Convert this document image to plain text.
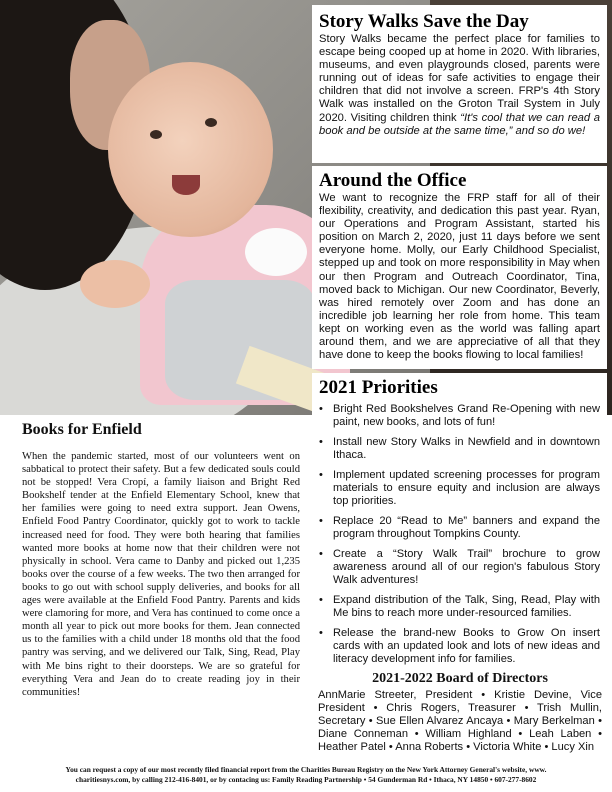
Story Walks Save the Day

Story Walks became the perfect place for families to escape being cooped up at home in 2020. With libraries, museums, and even playgrounds closed, parents were running out of ideas for safe activities to engage their children that did not involve a screen. FRP's 4th Story Walk was installed on the Groton Trail System in July 2020. Visiting children think “It's cool that we can read a book and be outside at the same time,” and so do we!

Around the Office

We want to recognize the FRP staff for all of their flexibility, creativity, and dedication this past year. Ryan, our Operations and Program Assistant, started his position on March 2, 2020, just 11 days before we sent everyone home. Molly, our Early Childhood Specialist, stepped up and took on more responsibility in May when our then Program and Outreach Coordinator, Tina, moved back to Michigan. Our new Coordinator, Beverly, was hired remotely over Zoom and has done an incredible job learning her role from home. This team kept on working even as the world was falling apart around them, and we are appreciative of all that they have done to keep the books flowing to local families!

2021 Priorities
• Bright Red Bookshelves Grand Re-Opening with new paint, new books, and lots of fun!
• Install new Story Walks in Newfield and in downtown Ithaca.
• Implement updated screening processes for program materials to ensure equity and inclusion are always top priorities.
• Replace 20 “Read to Me” banners and expand the program throughout Tompkins County.
• Create a “Story Walk Trail” brochure to grow awareness around all of our region's fabulous Story Walk adventures!
• Expand distribution of the Talk, Sing, Read, Play with Me bins to reach more under-resourced families.
• Release the brand-new Books to Grow On insert cards with an updated look and lots of new ideas and literacy development info for families.
2021-2022 Board of Directors

AnnMarie Streeter, President • Kristie Devine, Vice President • Chris Rogers, Treasurer • Trish Mullin, Secretary • Sue Ellen Alvarez Ancaya • Mary Berkelman • Diane Conneman • William Highland • Leah Laben • Heather Patel • Anna Roberts • Victoria White • Lucy Xin

Books for Enfield

When the pandemic started, most of our volunteers went on sabbatical to protect their safety. But a few dedicated souls could not be stopped! Vera Cropí, a family liaison and Bright Red Bookshelf tender at the Enfield Elementary School, knew that her families were going to need extra support. Jean Owens, Enfield Food Pantry Coordinator, quickly got to work to tackle increased need for food. They were both hearing that families wanted more books at home now that their children were not physically in school. Vera came to Danby and picked out 1,235 books over the course of a few weeks. The two then arranged for books to go out with school supply deliveries, and books for all ages were available at the Enfield Food Pantry. Parents and kids were clamoring for more, and Vera has continued to come once a month all year to pick out more books for them. Jean connected us to the families with a child under 18 months old that the food pantry was serving, and we delivered our Talk, Sing, Read, Play with Me bins right to their doorsteps. We are so grateful for everything Vera and Jean do to create reading joy in their communities!

You can request a copy of our most recently filed financial report from the Charities Bureau Registry on the New York Attorney General's website, www.
charitiesnys.com, by calling 212-416-8401, or by contacing us: Family Reading Partnership • 54 Gunderman Rd • Ithaca, NY 14850 • 607-277-8602
